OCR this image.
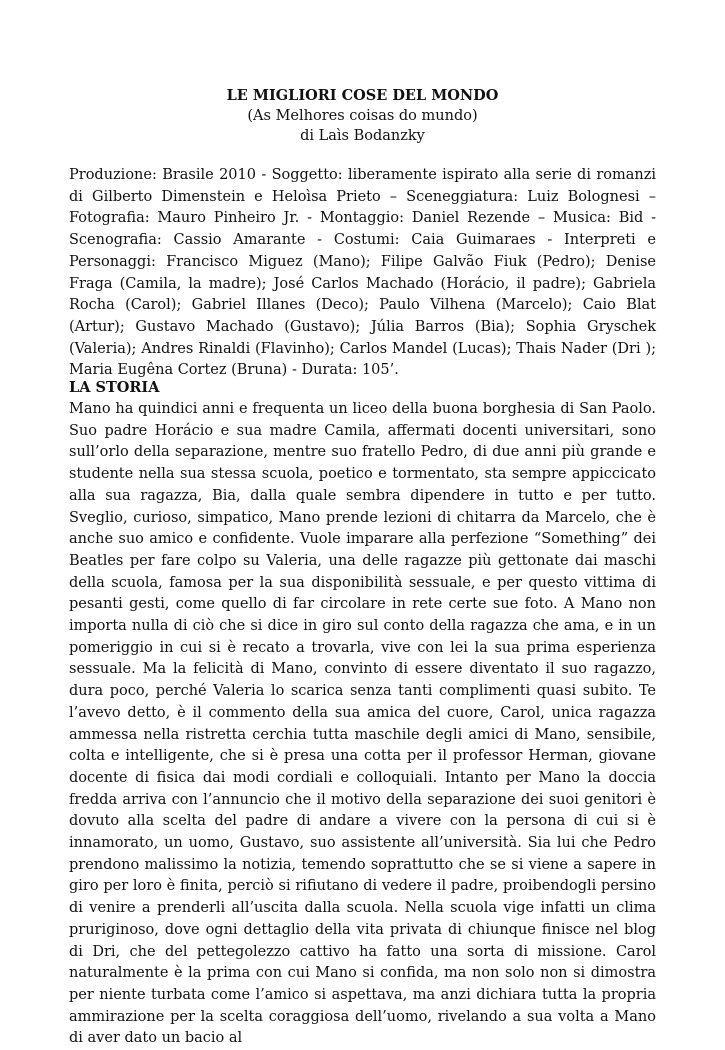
LE MIGLIORI COSE DEL MONDO
(As Melhores coisas do mundo)
di Laìs Bodanzky

Produzione: Brasile 2010 - Soggetto: liberamente ispirato alla serie di romanzi di Gilberto Dimenstein e Heloìsa Prieto – Sceneggiatura: Luiz Bolognesi – Fotografia: Mauro Pinheiro Jr. - Montaggio: Daniel Rezende – Musica: Bid - Scenografia: Cassio Amarante - Costumi: Caia Guimaraes - Interpreti e Personaggi: Francisco Miguez (Mano); Filipe Galvão Fiuk (Pedro); Denise Fraga (Camila, la madre); José Carlos Machado (Horácio, il padre); Gabriela Rocha (Carol); Gabriel Illanes (Deco); Paulo Vilhena (Marcelo); Caio Blat (Artur); Gustavo Machado (Gustavo); Júlia Barros (Bia); Sophia Gryschek (Valeria); Andres Rinaldi (Flavinho); Carlos Mandel (Lucas); Thais Nader (Dri ); Maria Eugêna Cortez (Bruna) - Durata: 105’.

LA STORIA

Mano ha quindici anni e frequenta un liceo della buona borghesia di San Paolo. Suo padre Horácio e sua madre Camila, affermati docenti universitari, sono sull’orlo della separazione, mentre suo fratello Pedro, di due anni più grande e studente nella sua stessa scuola, poetico e tormentato, sta sempre appiccicato alla sua ragazza, Bia, dalla quale sembra dipendere in tutto e per tutto. Sveglio, curioso, simpatico, Mano prende lezioni di chitarra da Marcelo, che è anche suo amico e confidente. Vuole imparare alla perfezione “Something” dei Beatles per fare colpo su Valeria, una delle ragazze più gettonate dai maschi della scuola, famosa per la sua disponibilità sessuale, e per questo vittima di pesanti gesti, come quello di far circolare in rete certe sue foto. A Mano non importa nulla di ciò che si dice in giro sul conto della ragazza che ama, e in un pomeriggio in cui si è recato a trovarla, vive con lei la sua prima esperienza sessuale. Ma la felicità di Mano, convinto di essere diventato il suo ragazzo, dura poco, perché Valeria lo scarica senza tanti complimenti quasi subito. Te l’avevo detto, è il commento della sua amica del cuore, Carol, unica ragazza ammessa nella ristretta cerchia tutta maschile degli amici di Mano, sensibile, colta e intelligente, che si è presa una cotta per il professor Herman, giovane docente di fisica dai modi cordiali e colloquiali. Intanto per Mano la doccia fredda arriva con l’annuncio che il motivo della separazione dei suoi genitori è dovuto alla scelta del padre di andare a vivere con la persona di cui si è innamorato, un uomo, Gustavo, suo assistente all’università. Sia lui che Pedro prendono malissimo la notizia, temendo soprattutto che se si viene a sapere in giro per loro è finita, perciò si rifiutano di vedere il padre, proibendogli persino di venire a prenderli all’uscita dalla scuola. Nella scuola vige infatti un clima pruriginoso, dove ogni dettaglio della vita privata di chiunque finisce nel blog di Dri, che del pettegolezzo cattivo ha fatto una sorta di missione. Carol naturalmente è la prima con cui Mano si confida, ma non solo non si dimostra per niente turbata come l’amico si aspettava, ma anzi dichiara tutta la propria ammirazione per la scelta coraggiosa dell’uomo, rivelando a sua volta a Mano di aver dato un bacio al
